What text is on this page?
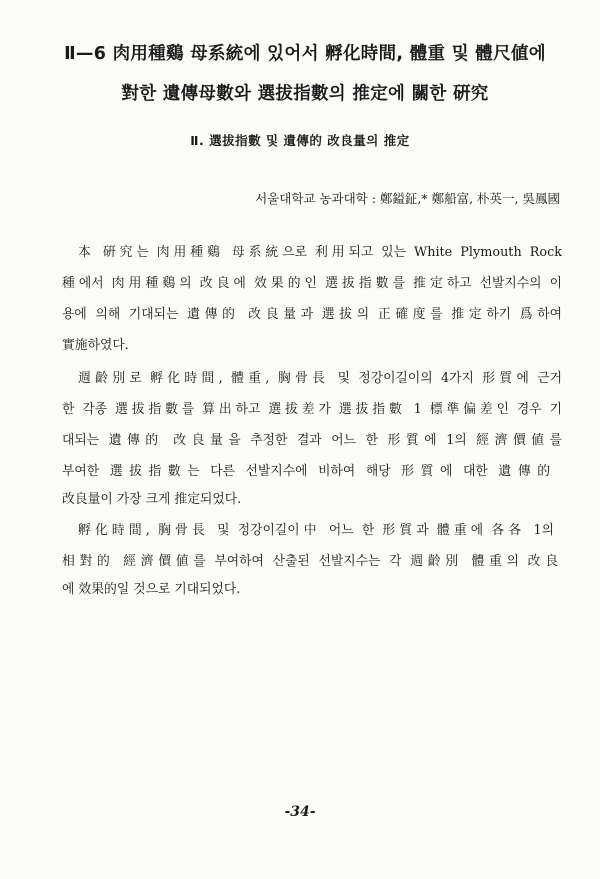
Ⅱ—6 肉用種鷄 母系統에 있어서 孵化時間, 體重 및 體尺値에
對한 遺傳母數와 選拔指數의 推定에 關한 硏究
Ⅱ. 選拔指數 및 遺傳的 改良量의 推定
서울대학교 농과대학 : 鄭鎰鉦,* 鄭船富, 朴英一, 吳鳳國
本 硏究는 肉用種鷄 母系統으로 利用되고 있는 White Plymouth Rock
種에서 肉用種鷄의 改良에 效果的인 選拔指數를 推定하고 선발지수의 이
용에 의해 기대되는 遺傳的 改良量과 選拔의 正確度를 推定하기 爲하여
實施하였다.
週齡別로 孵化時間, 體重, 胸骨長 및 정강이길이의 4가지 形質에 근거
한 각종 選拔指數를 算出하고 選拔差가 選拔指數 1 標準偏差인 경우 기
대되는 遺傳的 改良量을 추정한 결과 어느 한 形質에 1의 經濟價値를
부여한 選拔指數는 다른 선발지수에 비하여 해당 形質에 대한 遺傳的
改良量이 가장 크게 推定되었다.
孵化時間, 胸骨長 및 정강이길이中 어느 한 形質과 體重에 各各 1의
相對的 經濟價値를 부여하여 산출된 선발지수는 각 週齡別 體重의 改良
에 效果的일 것으로 기대되었다.
-34-
